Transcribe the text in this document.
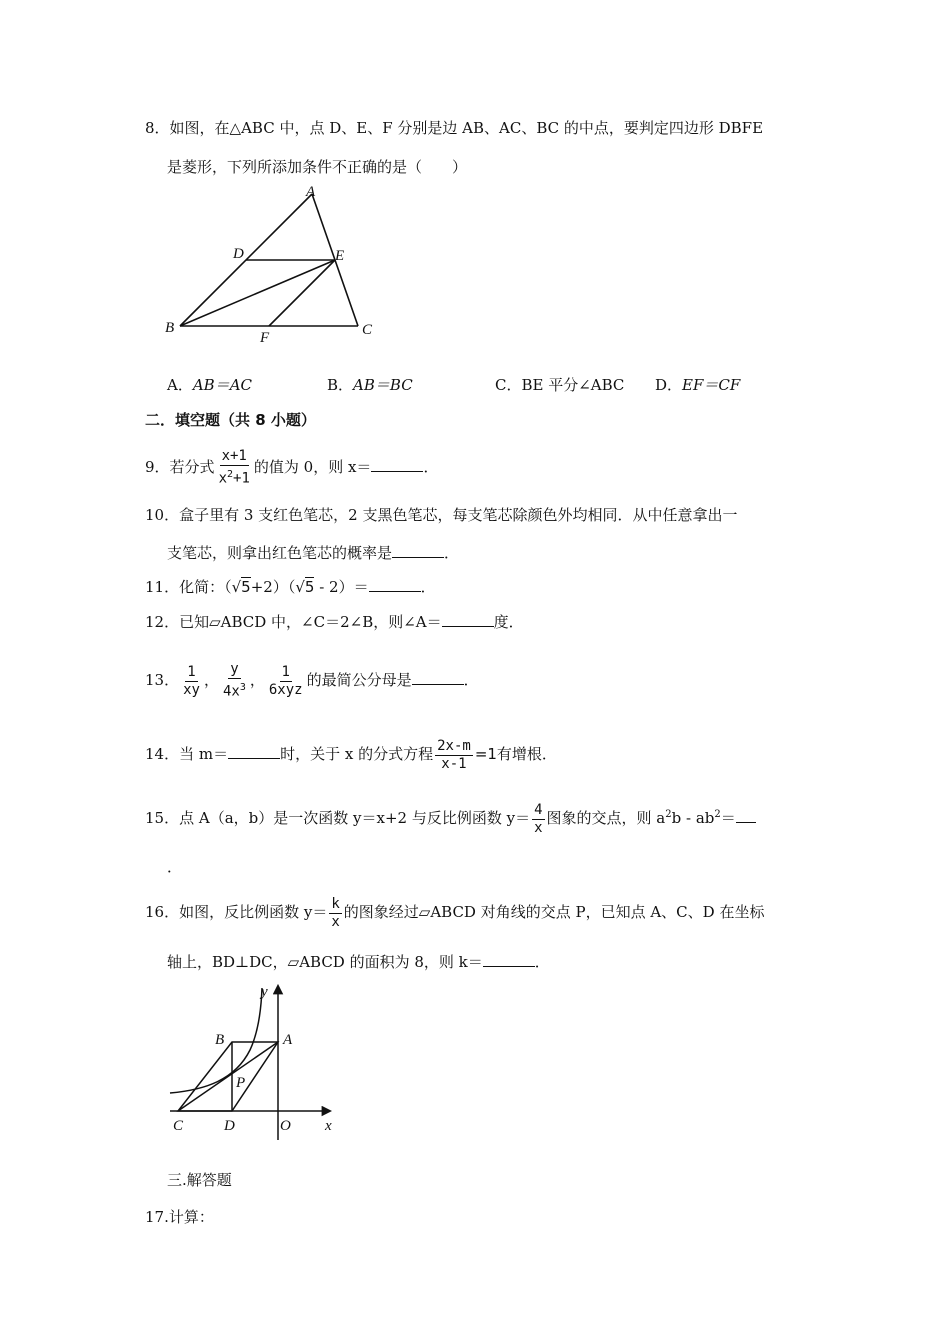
8．如图，在△ABC 中，点 D、E、F 分别是边 AB、AC、BC 的中点，要判定四边形 DBFE
是菱形，下列所添加条件不正确的是（　　）
A
D	E
B
F	C
A．AB＝AC	B．AB＝BC	C．BE 平分∠ABC D．EF＝CF
二．填空题（共 8 小题）
9．若分式 $\frac{x+1}{x^2+1}$ 的值为 0，则 x＝	．
10．盒子里有 3 支红色笔芯，2 支黑色笔芯，每支笔芯除颜色外均相同．从中任意拿出一
支笔芯，则拿出红色笔芯的概率是	．
11．化简：（√5+2）（√5 - 2）＝	．
12．已知▱ABCD 中，∠C＝2∠B，则∠A＝	度．
13． $\frac{1}{xy}$ ， $\frac{y}{4x^3}$ ， $\frac{1}{\text{6xyz}}$ 的最简公分母是	．
14．当 m＝	时，关于 x 的分式方程 $\frac{2x-m}{x-1} =1$有增根．
15．点 A（a，b）是一次函数 y＝x+2 与反比例函数 $y= \frac{4}{x}$ 图象的交点，则 $a^2b - ab^2=$
．
16．如图，反比例函数 $y= \frac{k}{x}$ 的图象经过▱ABCD 对角线的交点 P，已知点 A、C、D 在坐标
轴上，BD⊥DC，▱ABCD 的面积为 8，则 k＝	．
y
B	A
P
C	D	O x
三.解答题
17.计算：
